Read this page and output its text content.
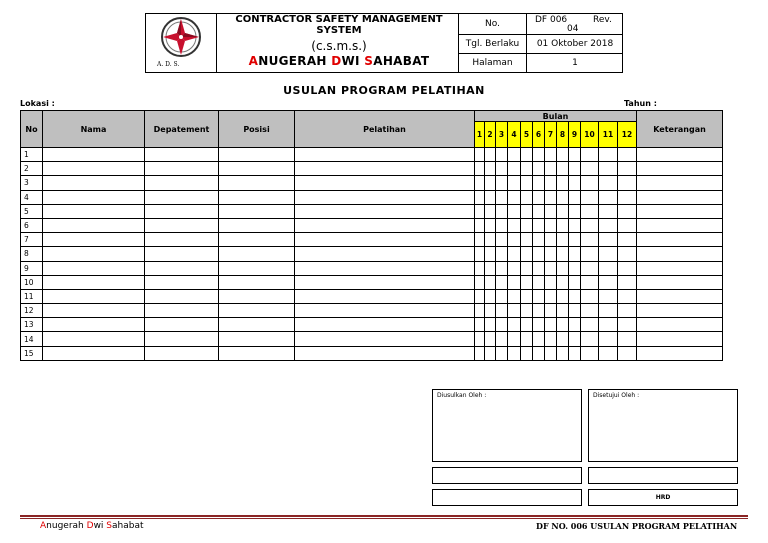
A. D. S.
CONTRACTOR SAFETY MANAGEMENT SYSTEM
(c.s.m.s.)
ANUGERAH DWI SAHABAT
No.	DF 006	Rev.
04
Tgl. Berlaku	01 Oktober 2018
Halaman	1
USULAN PROGRAM PELATIHAN
Lokasi :	Tahun :
No	Nama	Depatement	Posisi	Pelatihan	Bulan												Keterangan
					1	2	3	4	5	6	7	8	9	10	11	12	
1																	
2																	
3																	
4																	
5																	
6																	
7																	
8																	
9																	
10																	
11																	
12																	
13																	
14																	
15																	
Diusulkan Oleh :	Disetujui Oleh :
HRD
Anugerah Dwi Sahabat	DF NO. 006 USULAN PROGRAM PELATIHAN
